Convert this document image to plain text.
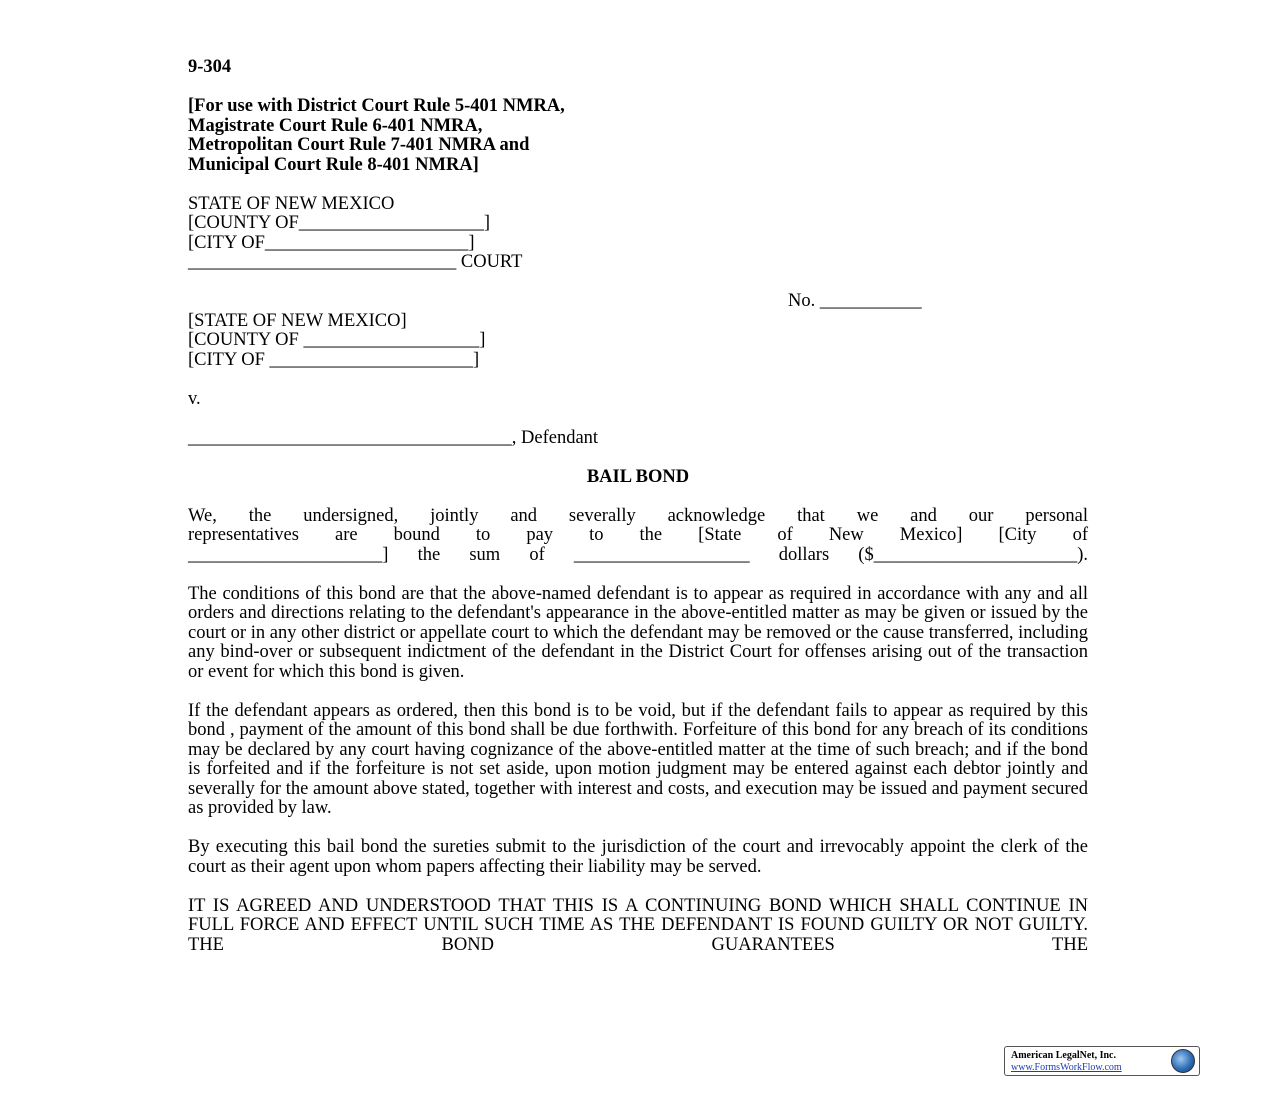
9-304
[For use with District Court Rule 5-401 NMRA,
Magistrate Court Rule 6-401 NMRA,
Metropolitan Court Rule 7-401 NMRA and
Municipal Court Rule 8-401 NMRA]
STATE OF NEW MEXICO
[COUNTY OF____________________]
[CITY OF______________________]
_____________________________ COURT

No. ___________

[STATE OF NEW MEXICO]
[COUNTY OF ___________________]
[CITY OF ______________________]
v.
___________________________________, Defendant
BAIL BOND
We, the undersigned, jointly and severally acknowledge that we and our personal
representatives are bound to pay to the [State of New Mexico] [City of
_____________________] the sum of ___________________ dollars ($______________________).
The conditions of this bond are that the above-named defendant is to appear as required in accordance with any and all orders and directions relating to the defendant's appearance in the above-entitled matter as may be given or issued by the court or in any other district or appellate court to which the defendant may be removed or the cause transferred, including any bind-over or subsequent indictment of the defendant in the District Court for offenses arising out of the transaction or event for which this bond is given.
If the defendant appears as ordered, then this bond is to be void, but if the defendant fails to appear as required by this bond , payment of the amount of this bond shall be due forthwith. Forfeiture of this bond for any breach of its conditions may be declared by any court having cognizance of the above-entitled matter at the time of such breach; and if the bond is forfeited and if the forfeiture is not set aside, upon motion judgment may be entered against each debtor jointly and severally for the amount above stated, together with interest and costs, and execution may be issued and payment secured as provided by law.
By executing this bail bond the sureties submit to the jurisdiction of the court and irrevocably appoint the clerk of the court as their agent upon whom papers affecting their liability may be served.
IT IS AGREED AND UNDERSTOOD THAT THIS IS A CONTINUING BOND WHICH SHALL CONTINUE IN FULL FORCE AND EFFECT UNTIL SUCH TIME AS THE DEFENDANT IS FOUND GUILTY OR NOT GUILTY. THE BOND GUARANTEES THE
American LegalNet, Inc.
www.FormsWorkFlow.com
